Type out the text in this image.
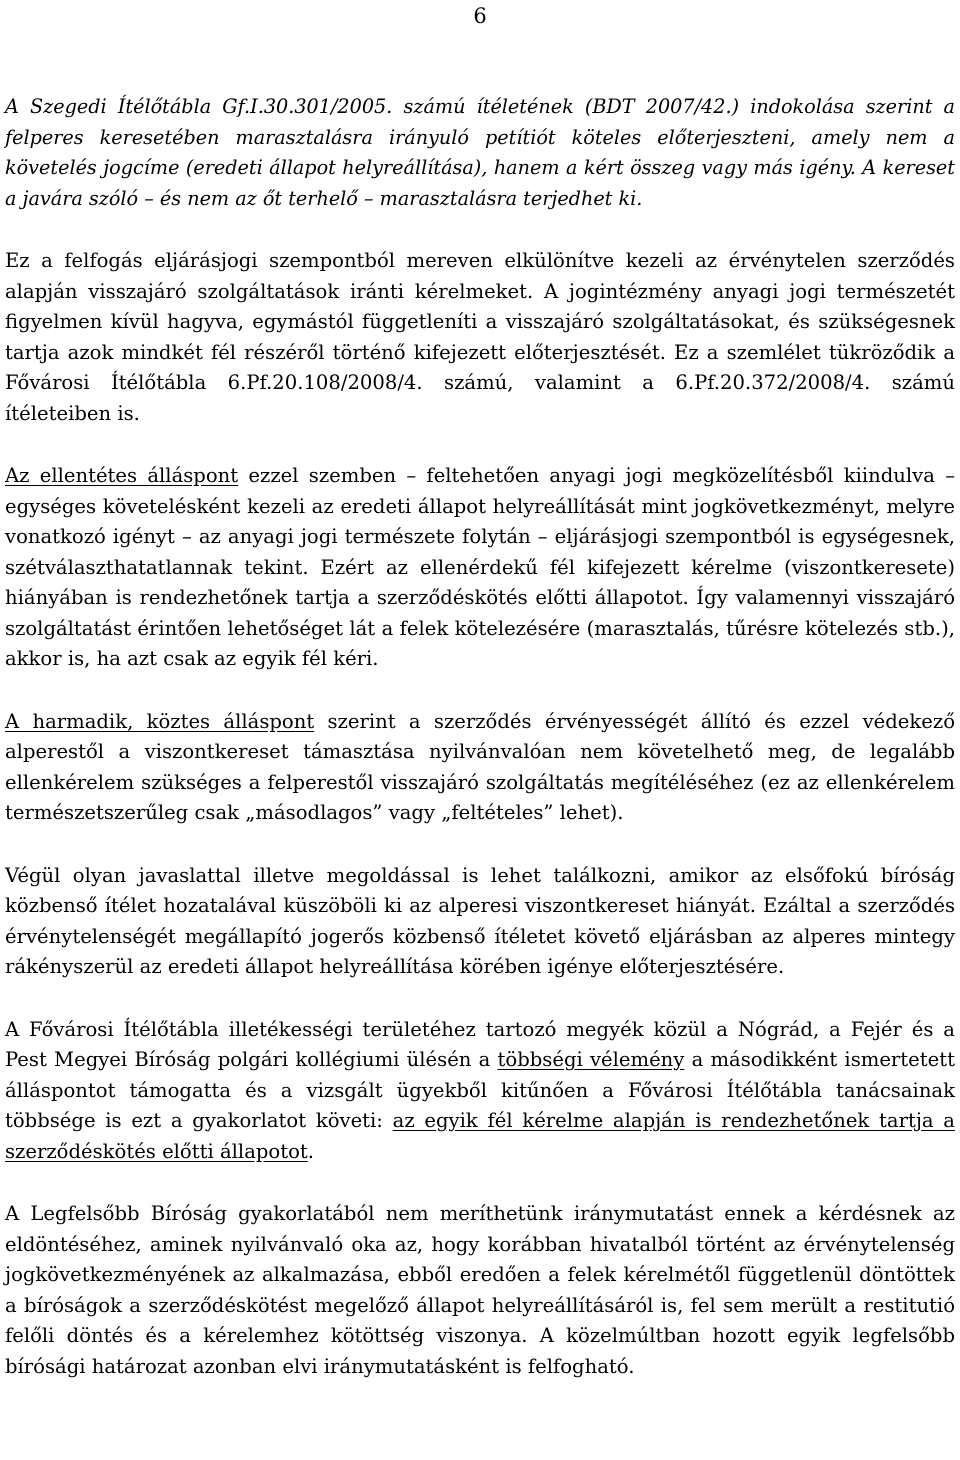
6

A Szegedi Ítélőtábla Gf.I.30.301/2005. számú ítéletének (BDT 2007/42.) indokolása szerint a felperes keresetében marasztalásra irányuló petítiót köteles előterjeszteni, amely nem a követelés jogcíme (eredeti állapot helyreállítása), hanem a kért összeg vagy más igény. A kereset a javára szóló – és nem az őt terhelő – marasztalásra terjedhet ki.

Ez a felfogás eljárásjogi szempontból mereven elkülönítve kezeli az érvénytelen szerződés alapján visszajáró szolgáltatások iránti kérelmeket. A jogintézmény anyagi jogi természetét figyelmen kívül hagyva, egymástól függetleníti a visszajáró szolgáltatásokat, és szükségesnek tartja azok mindkét fél részéről történő kifejezett előterjesztését. Ez a szemlélet tükröződik a Fővárosi Ítélőtábla 6.Pf.20.108/2008/4. számú, valamint a 6.Pf.20.372/2008/4. számú ítéleteiben is.

Az ellentétes álláspont ezzel szemben – feltehetően anyagi jogi megközelítésből kiindulva – egységes követelésként kezeli az eredeti állapot helyreállítását mint jogkövetkezményt, melyre vonatkozó igényt – az anyagi jogi természete folytán – eljárásjogi szempontból is egységesnek, szétválaszthatatlannak tekint. Ezért az ellenérdekű fél kifejezett kérelme (viszontkeresete) hiányában is rendezhetőnek tartja a szerződéskötés előtti állapotot. Így valamennyi visszajáró szolgáltatást érintően lehetőséget lát a felek kötelezésére (marasztalás, tűrésre kötelezés stb.), akkor is, ha azt csak az egyik fél kéri.

A harmadik, köztes álláspont szerint a szerződés érvényességét állító és ezzel védekező alperestől a viszontkereset támasztása nyilvánvalóan nem követelhető meg, de legalább ellenkérelem szükséges a felperestől visszajáró szolgáltatás megítéléséhez (ez az ellenkérelem természetszerűleg csak „másodlagos” vagy „feltételes” lehet).

Végül olyan javaslattal illetve megoldással is lehet találkozni, amikor az elsőfokú bíróság közbenső ítélet hozatalával küszöböli ki az alperesi viszontkereset hiányát. Ezáltal a szerződés érvénytelenségét megállapító jogerős közbenső ítéletet követő eljárásban az alperes mintegy rákényszerül az eredeti állapot helyreállítása körében igénye előterjesztésére.

A Fővárosi Ítélőtábla illetékességi területéhez tartozó megyék közül a Nógrád, a Fejér és a Pest Megyei Bíróság polgári kollégiumi ülésén a többségi vélemény a másodikként ismertetett álláspontot támogatta és a vizsgált ügyekből kitűnően a Fővárosi Ítélőtábla tanácsainak többsége is ezt a gyakorlatot követi: az egyik fél kérelme alapján is rendezhetőnek tartja a szerződéskötés előtti állapotot.

A Legfelsőbb Bíróság gyakorlatából nem meríthetünk iránymutatást ennek a kérdésnek az eldöntéséhez, aminek nyilvánvaló oka az, hogy korábban hivatalból történt az érvénytelenség jogkövetkezményének az alkalmazása, ebből eredően a felek kérelmétől függetlenül döntöttek a bíróságok a szerződéskötést megelőző állapot helyreállításáról is, fel sem merült a restitutió felőli döntés és a kérelemhez kötöttség viszonya. A közelmúltban hozott egyik legfelsőbb bírósági határozat azonban elvi iránymutatásként is felfogható.
